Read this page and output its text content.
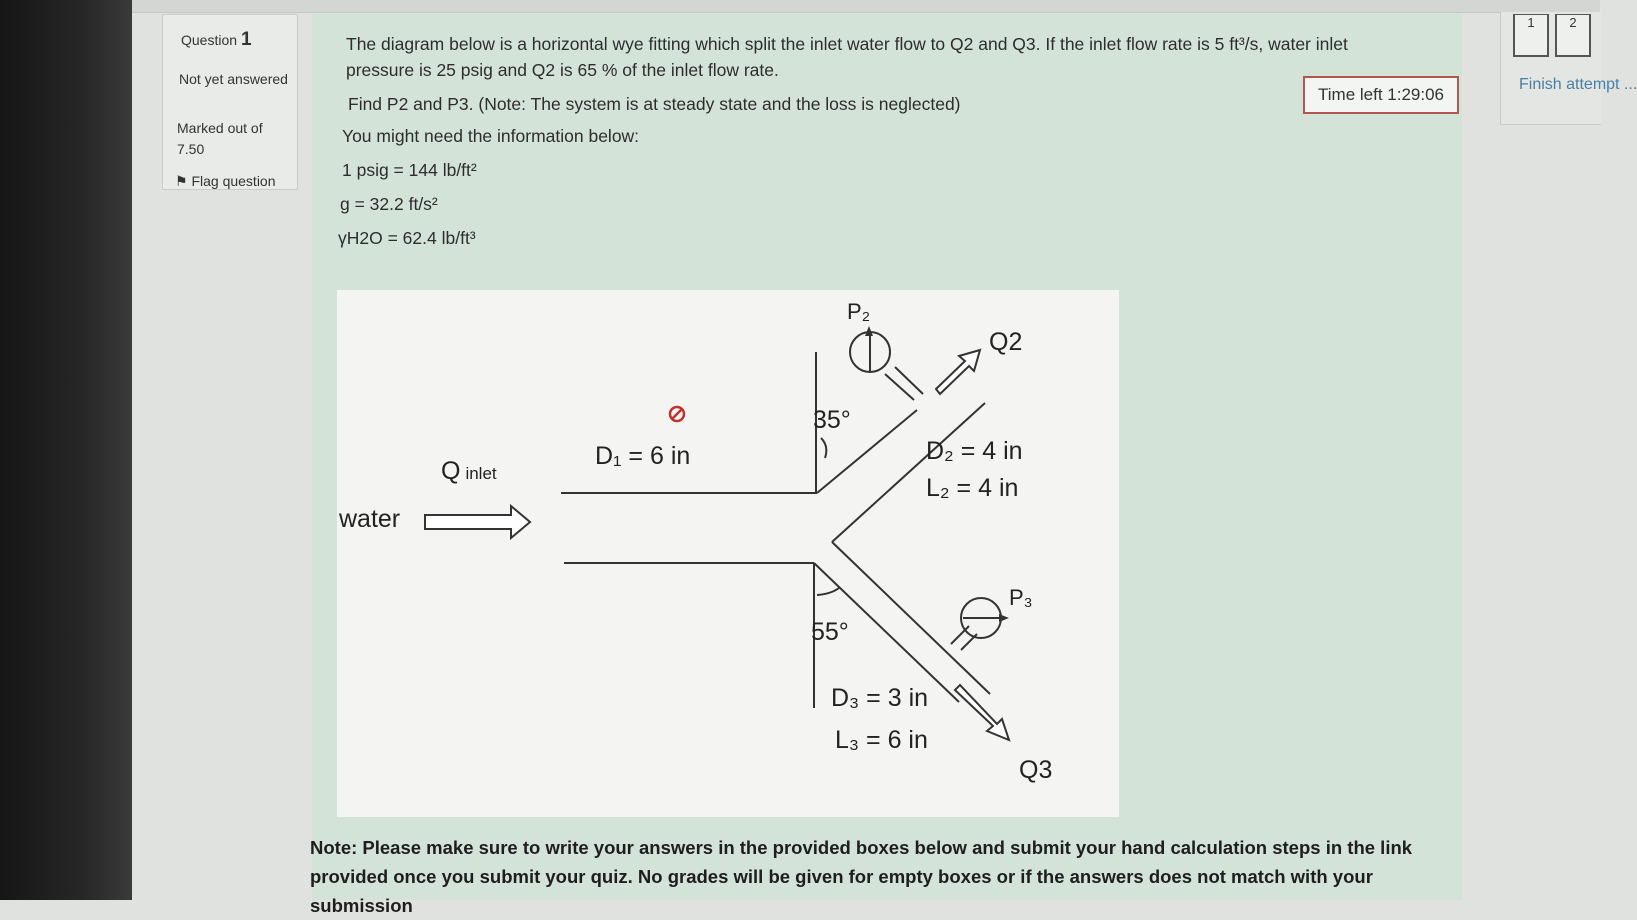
Question 1
Not yet answered
Marked out of 7.50
⚑ Flag question
The diagram below is a horizontal wye fitting which split the inlet water flow to Q2 and Q3. If the inlet flow rate is 5 ft³/s, water inlet
pressure is 25 psig and Q2 is 65 % of the inlet flow rate.
Find P2 and P3. (Note: The system is at steady state and the loss is neglected)
You might need the information below:
1 psig = 144 lb/ft²
g = 32.2 ft/s²
γH2O = 62.4 lb/ft³
Time left 1:29:06
water
Q inlet
D₁ = 6 in
P₂
Q2
35°
D₂ = 4 in
L₂ = 4 in
P₃
55°
D₃ = 3 in
L₃ = 6 in
Q3
Note: Please make sure to write your answers in the provided boxes below and submit your hand calculation steps in the link provided once you submit your quiz. No grades will be given for empty boxes or if the answers does not match with your submission
1	2
Finish attempt ...
